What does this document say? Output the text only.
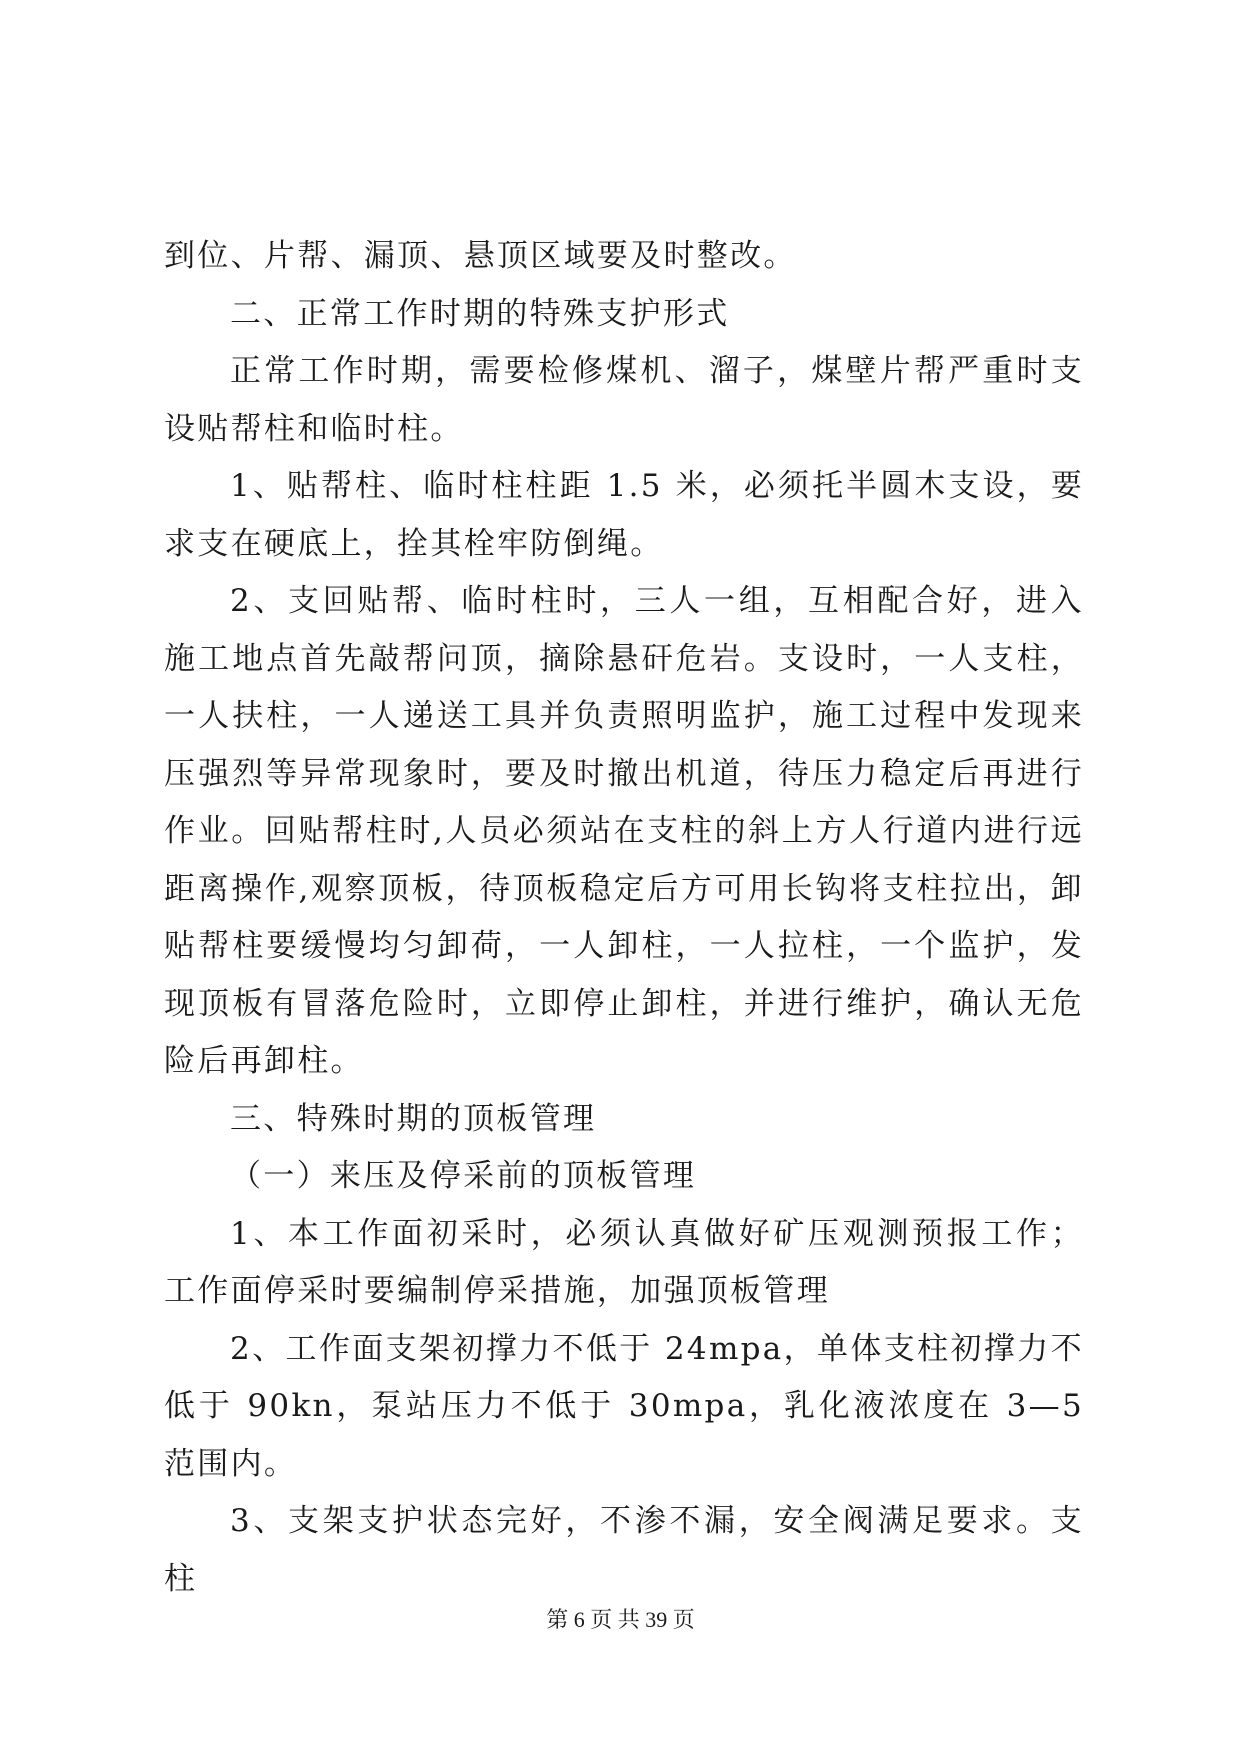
到位、片帮、漏顶、悬顶区域要及时整改。

二、正常工作时期的特殊支护形式

正常工作时期，需要检修煤机、溜子，煤壁片帮严重时支设贴帮柱和临时柱。

1、贴帮柱、临时柱柱距 1.5 米，必须托半圆木支设，要求支在硬底上，拴其栓牢防倒绳。

2、支回贴帮、临时柱时，三人一组，互相配合好，进入施工地点首先敲帮问顶，摘除悬矸危岩。支设时，一人支柱，一人扶柱，一人递送工具并负责照明监护，施工过程中发现来压强烈等异常现象时，要及时撤出机道，待压力稳定后再进行作业。回贴帮柱时,人员必须站在支柱的斜上方人行道内进行远距离操作,观察顶板，待顶板稳定后方可用长钩将支柱拉出，卸贴帮柱要缓慢均匀卸荷，一人卸柱，一人拉柱，一个监护，发现顶板有冒落危险时，立即停止卸柱，并进行维护，确认无危险后再卸柱。

三、特殊时期的顶板管理

（一）来压及停采前的顶板管理

1、本工作面初采时，必须认真做好矿压观测预报工作；工作面停采时要编制停采措施，加强顶板管理

2、工作面支架初撑力不低于 24mpa，单体支柱初撑力不低于 90kn，泵站压力不低于 30mpa，乳化液浓度在 3—5 范围内。

3、支架支护状态完好，不渗不漏，安全阀满足要求。支柱

第 6 页 共 39 页
